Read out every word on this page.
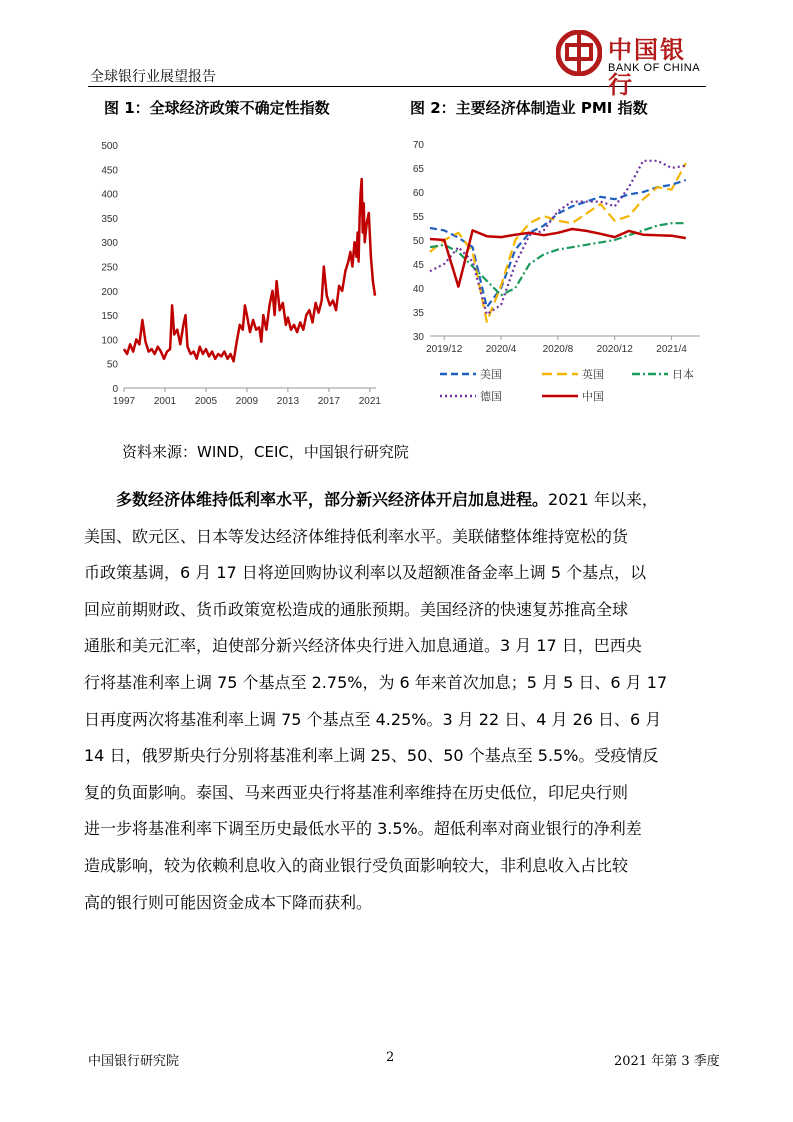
全球银行业展望报告
中国银行
BANK OF CHINA
图 1：全球经济政策不确定性指数	图 2：主要经济体制造业 PMI 指数
0
50
100
150
200
250
300
350
400
450
500
1997 2001 2005 2009 2013 2017 2021
30
35
40
45
50
55
60
65
70
2019/12 2020/4	2020/8 2020/12 2021/4
美国	英国	日本
德国	中国
资料来源：WIND，CEIC，中国银行研究院
多数经济体维持低利率水平，部分新兴经济体开启加息进程。2021 年以来，
美国、欧元区、日本等发达经济体维持低利率水平。美联储整体维持宽松的货
币政策基调，6 月 17 日将逆回购协议利率以及超额准备金率上调 5 个基点，以
回应前期财政、货币政策宽松造成的通胀预期。美国经济的快速复苏推高全球
通胀和美元汇率，迫使部分新兴经济体央行进入加息通道。3 月 17 日，巴西央
行将基准利率上调 75 个基点至 2.75%，为 6 年来首次加息；5 月 5 日、6 月 17
日再度两次将基准利率上调 75 个基点至 4.25%。3 月 22 日、4 月 26 日、6 月
14 日，俄罗斯央行分别将基准利率上调 25、50、50 个基点至 5.5%。受疫情反
复的负面影响。泰国、马来西亚央行将基准利率维持在历史低位，印尼央行则
进一步将基准利率下调至历史最低水平的 3.5%。超低利率对商业银行的净利差
造成影响，较为依赖利息收入的商业银行受负面影响较大，非利息收入占比较
高的银行则可能因资金成本下降而获利。
中国银行研究院	2	2021 年第 3 季度
